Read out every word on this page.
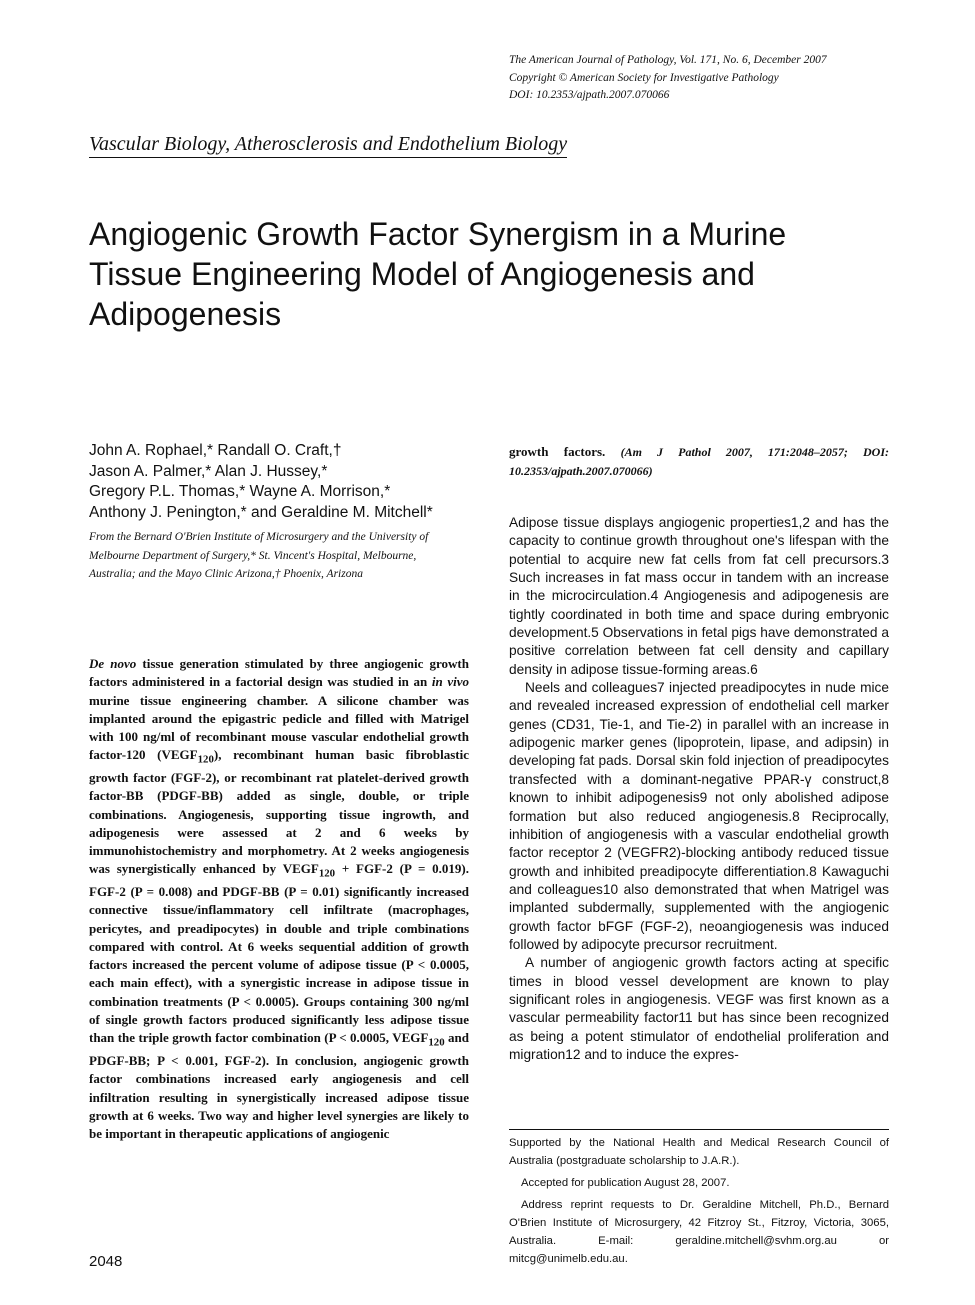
The American Journal of Pathology, Vol. 171, No. 6, December 2007
Copyright © American Society for Investigative Pathology
DOI: 10.2353/ajpath.2007.070066
Vascular Biology, Atherosclerosis and Endothelium Biology
Angiogenic Growth Factor Synergism in a Murine
Tissue Engineering Model of Angiogenesis and
Adipogenesis
John A. Rophael,* Randall O. Craft,†
Jason A. Palmer,* Alan J. Hussey,*
Gregory P.L. Thomas,* Wayne A. Morrison,*
Anthony J. Penington,* and Geraldine M. Mitchell*
From the Bernard O'Brien Institute of Microsurgery and the University of Melbourne Department of Surgery,* St. Vincent's Hospital, Melbourne, Australia; and the Mayo Clinic Arizona,† Phoenix, Arizona

De novo tissue generation stimulated by three angiogenic growth factors administered in a factorial design was studied in an in vivo murine tissue engineering chamber. A silicone chamber was implanted around the epigastric pedicle and filled with Matrigel with 100 ng/ml of recombinant mouse vascular endothelial growth factor-120 $(VEGF_{120})$, recombinant human basic fibroblastic growth factor (FGF-2), or recombinant rat platelet-derived growth factor-BB (PDGF-BB) added as single, double, or triple combinations. Angiogenesis, supporting tissue ingrowth, and adipogenesis were assessed at 2 and 6 weeks by immunohistochemistry and morphometry. At 2 weeks angiogenesis was synergistically enhanced by $VEGF_{120} + FGF-2$ (P = 0.019). FGF-2 (P = 0.008) and PDGF-BB (P = 0.01) significantly increased connective tissue/inflammatory cell infiltrate (macrophages, pericytes, and preadipocytes) in double and triple combinations compared with control. At 6 weeks sequential addition of growth factors increased the percent volume of adipose tissue (P < 0.0005, each main effect), with a synergistic increase in adipose tissue in combination treatments (P < 0.0005). Groups containing 300 ng/ml of single growth factors produced significantly less adipose tissue than the triple growth factor combination (P < 0.0005, $VEGF_{120}$ and PDGF-BB; P < 0.001, FGF-2). In conclusion, angiogenic growth factor combinations increased early angiogenesis and cell infiltration resulting in synergistically increased adipose tissue growth at 6 weeks. Two way and higher level synergies are likely to be important in therapeutic applications of angiogenic

growth factors. (Am J Pathol 2007, 171:2048–2057; DOI: 10.2353/ajpath.2007.070066)

Adipose tissue displays angiogenic properties1,2 and has the capacity to continue growth throughout one's lifespan with the potential to acquire new fat cells from fat cell precursors.3 Such increases in fat mass occur in tandem with an increase in the microcirculation.4 Angiogenesis and adipogenesis are tightly coordinated in both time and space during embryonic development.5 Observations in fetal pigs have demonstrated a positive correlation between fat cell density and capillary density in adipose tissue-forming areas.6

Neels and colleagues7 injected preadipocytes in nude mice and revealed increased expression of endothelial cell marker genes (CD31, Tie-1, and Tie-2) in parallel with an increase in adipogenic marker genes (lipoprotein, lipase, and adipsin) in developing fat pads. Dorsal skin fold injection of preadipocytes transfected with a dominant-negative PPAR-γ construct,8 known to inhibit adipogenesis9 not only abolished adipose formation but also reduced angiogenesis.8 Reciprocally, inhibition of angiogenesis with a vascular endothelial growth factor receptor 2 (VEGFR2)-blocking antibody reduced tissue growth and inhibited preadipocyte differentiation.8 Kawaguchi and colleagues10 also demonstrated that when Matrigel was implanted subdermally, supplemented with the angiogenic growth factor bFGF (FGF-2), neoangiogenesis was induced followed by adipocyte precursor recruitment.

A number of angiogenic growth factors acting at specific times in blood vessel development are known to play significant roles in angiogenesis. VEGF was first known as a vascular permeability factor11 but has since been recognized as being a potent stimulator of endothelial proliferation and migration12 and to induce the expres-

Supported by the National Health and Medical Research Council of Australia (postgraduate scholarship to J.A.R.).

Accepted for publication August 28, 2007.

Address reprint requests to Dr. Geraldine Mitchell, Ph.D., Bernard O'Brien Institute of Microsurgery, 42 Fitzroy St., Fitzroy, Victoria, 3065, Australia. E-mail: geraldine.mitchell@svhm.org.au or mitcg@unimelb.edu.au.

2048
